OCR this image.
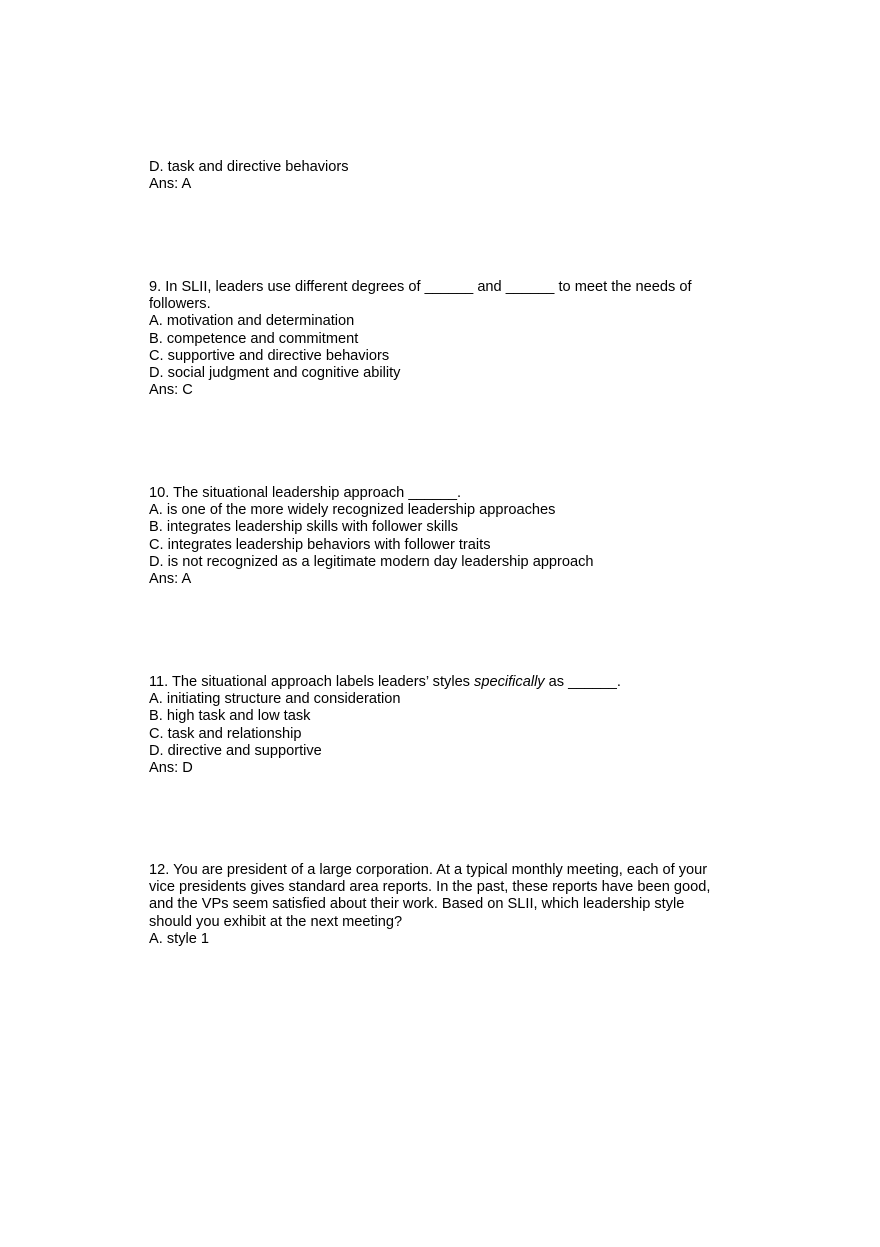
D. task and directive behaviors
Ans: A
9. In SLII, leaders use different degrees of ______ and ______ to meet the needs of followers.
A. motivation and determination
B. competence and commitment
C. supportive and directive behaviors
D. social judgment and cognitive ability
Ans: C
10. The situational leadership approach ______.
A. is one of the more widely recognized leadership approaches
B. integrates leadership skills with follower skills
C. integrates leadership behaviors with follower traits
D. is not recognized as a legitimate modern day leadership approach
Ans: A
11. The situational approach labels leaders’ styles specifically as ______.
A. initiating structure and consideration
B. high task and low task
C. task and relationship
D. directive and supportive
Ans: D
12. You are president of a large corporation. At a typical monthly meeting, each of your
vice presidents gives standard area reports. In the past, these reports have been good,
and the VPs seem satisfied about their work. Based on SLII, which leadership style
should you exhibit at the next meeting?
A. style 1
